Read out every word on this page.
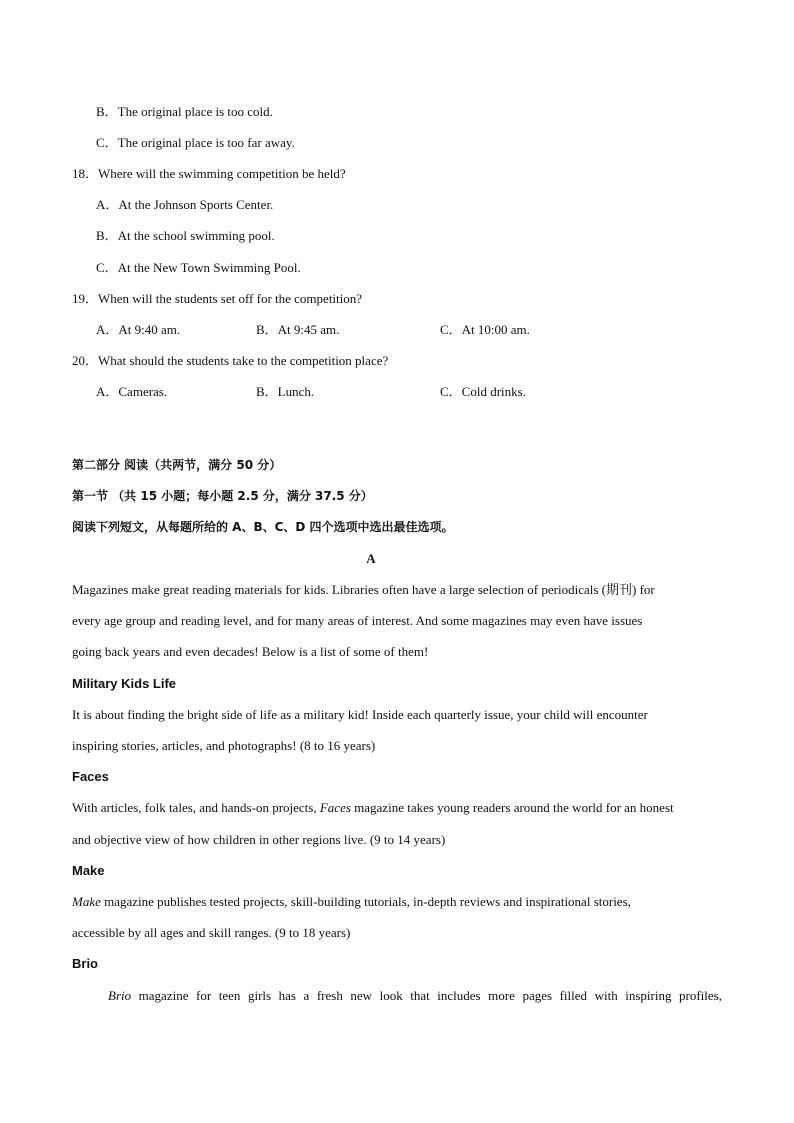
B．The original place is too cold.
C．The original place is too far away.
18．Where will the swimming competition be held?
A．At the Johnson Sports Center.
B．At the school swimming pool.
C．At the New Town Swimming Pool.
19．When will the students set off for the competition?
A．At 9:40 am.	B．At 9:45 am.	C．At 10:00 am.
20．What should the students take to the competition place?
A．Cameras.	B．Lunch.	C．Cold drinks.
第二部分 阅读（共两节，满分 50 分）
第一节 （共 15 小题；每小题 2.5 分，满分 37.5 分）
阅读下列短文，从每题所给的 A、B、C、D 四个选项中选出最佳选项。
A
Magazines make great reading materials for kids. Libraries often have a large selection of periodicals (期刊) for
every age group and reading level, and for many areas of interest. And some magazines may even have issues
going back years and even decades! Below is a list of some of them!
Military Kids Life
It is about finding the bright side of life as a military kid! Inside each quarterly issue, your child will encounter
inspiring stories, articles, and photographs! (8 to 16 years)
Faces
With articles, folk tales, and hands-on projects, Faces magazine takes young readers around the world for an honest
and objective view of how children in other regions live. (9 to 14 years)
Make
Make magazine publishes tested projects, skill-building tutorials, in-depth reviews and inspirational stories,
accessible by all ages and skill ranges. (9 to 18 years)
Brio
Brio magazine for teen girls has a fresh new look that includes more pages filled with inspiring profiles,
